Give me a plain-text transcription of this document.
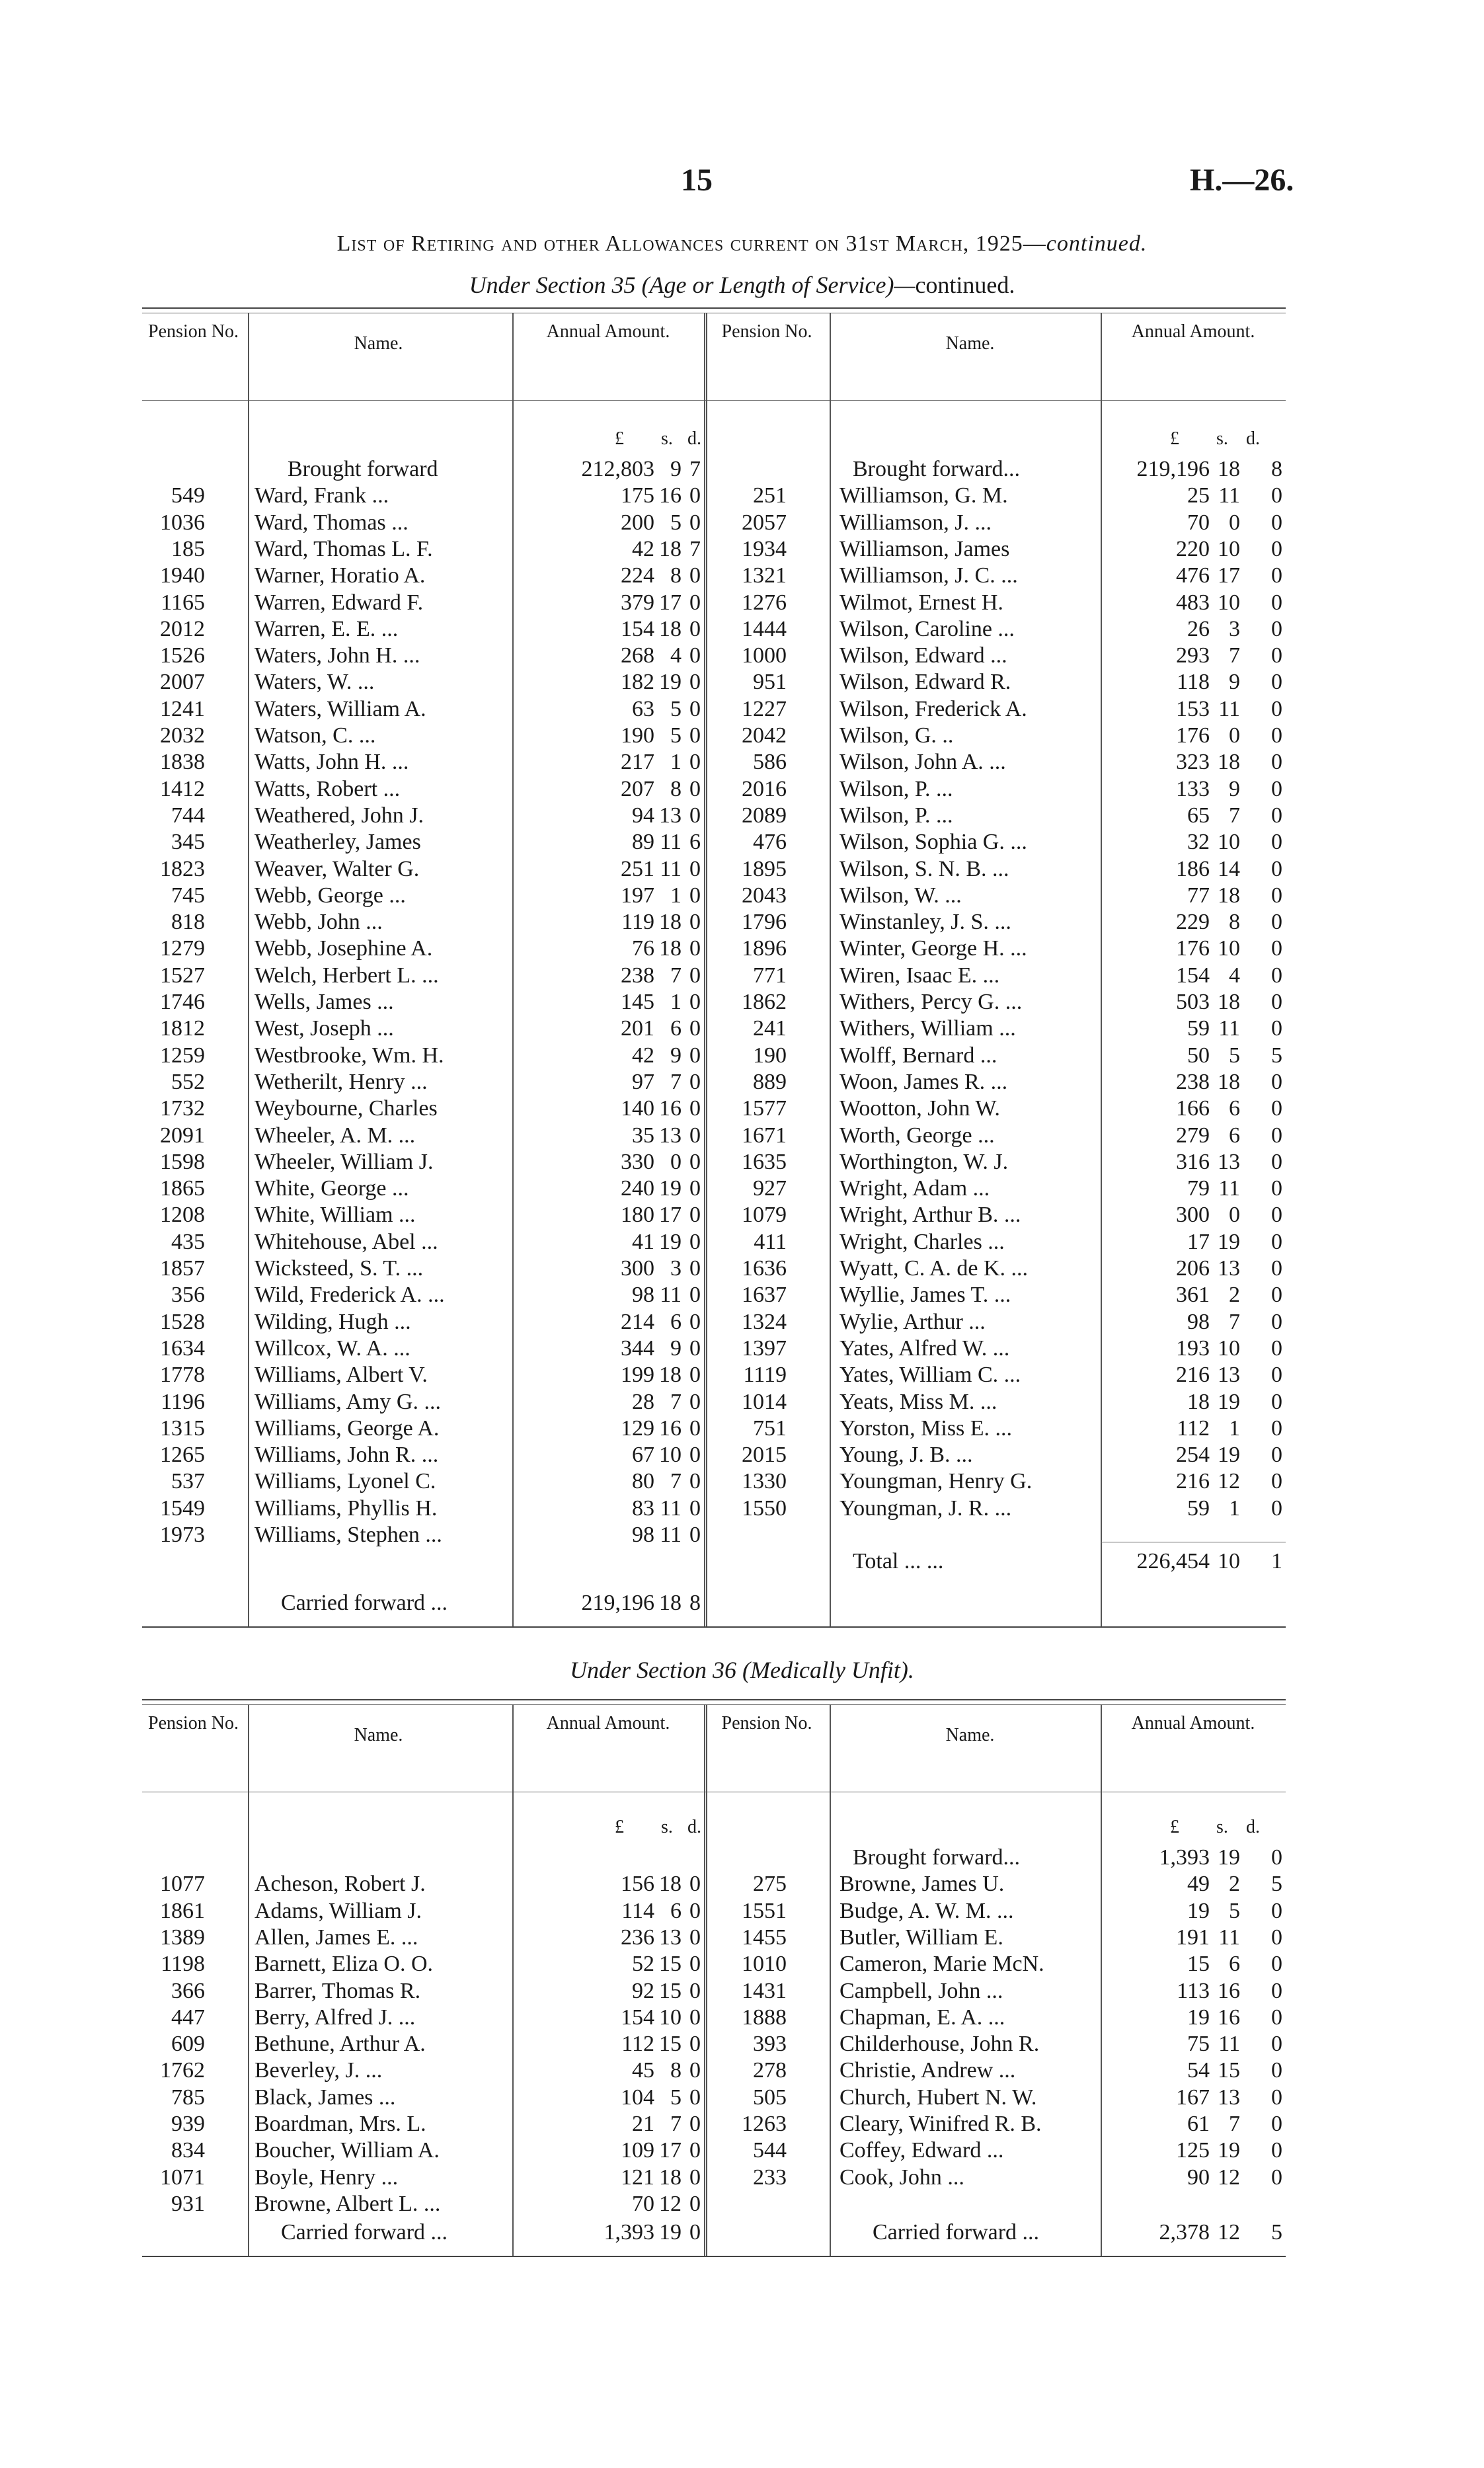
15	H.—26.
List of Retiring and other Allowances current on 31st March, 1925—continued.
Under Section 35 (Age or Length of Service)—continued.
Pension No.
Name.
Annual Amount.
£ s. d.
Pension No.
Name.
Annual Amount.
£ s. d.
Brought forward	212,803 9 7
549 Ward, Frank ...	175 16 0
1036 Ward, Thomas ...	200 5 0
185 Ward, Thomas L. F.	42 18 7
1940 Warner, Horatio A.	224 8 0
1165 Warren, Edward F.	379 17 0
2012 Warren, E. E. ...	154 18 0
1526 Waters, John H. ...	268 4 0
2007 Waters, W. ...	182 19 0
1241 Waters, William A.	63 5 0
2032 Watson, C. ...	190 5 0
1838 Watts, John H. ...	217 1 0
1412 Watts, Robert ...	207 8 0
744 Weathered, John J.	94 13 0
345 Weatherley, James	89 11 6
1823 Weaver, Walter G.	251 11 0
745 Webb, George ...	197 1 0
818 Webb, John ...	119 18 0
1279 Webb, Josephine A.	76 18 0
1527 Welch, Herbert L. ...	238 7 0
1746 Wells, James ...	145 1 0
1812 West, Joseph ...	201 6 0
1259 Westbrooke, Wm. H.	42 9 0
552 Wetherilt, Henry ...	97 7 0
1732 Weybourne, Charles	140 16 0
2091 Wheeler, A. M. ...	35 13 0
1598 Wheeler, William J.	330 0 0
1865 White, George ...	240 19 0
1208 White, William ...	180 17 0
435 Whitehouse, Abel ...	41 19 0
1857 Wicksteed, S. T. ...	300 3 0
356 Wild, Frederick A. ...	98 11 0
1528 Wilding, Hugh ...	214 6 0
1634 Willcox, W. A. ...	344 9 0
1778 Williams, Albert V.	199 18 0
1196 Williams, Amy G. ...	28 7 0
1315 Williams, George A.	129 16 0
1265 Williams, John R. ...	67 10 0
537 Williams, Lyonel C.	80 7 0
1549 Williams, Phyllis H.	83 11 0
1973 Williams, Stephen ...	98 11 0
Carried forward ...	219,196 18 8
Brought forward...	219,196 18	8
251 Williamson, G. M.	25 11	0
2057 Williamson, J. ...	70 0	0
1934 Williamson, James	220 10	0
1321 Williamson, J. C. ...	476 17	0
1276 Wilmot, Ernest H.	483 10	0
1444 Wilson, Caroline ...	26 3	0
1000 Wilson, Edward ...	293 7	0
951 Wilson, Edward R.	118 9	0
1227 Wilson, Frederick A.	153 11	0
2042 Wilson, G. ..	176 0	0
586 Wilson, John A. ...	323 18	0
2016 Wilson, P. ...	133 9	0
2089 Wilson, P. ...	65 7	0
476 Wilson, Sophia G. ...	32 10	0
1895 Wilson, S. N. B. ...	186 14	0
2043 Wilson, W. ...	77 18	0
1796 Winstanley, J. S. ...	229 8	0
1896 Winter, George H. ...	176 10	0
771 Wiren, Isaac E. ...	154 4	0
1862 Withers, Percy G. ...	503 18	0
241 Withers, William ...	59 11	0
190 Wolff, Bernard ...	50 5	5
889 Woon, James R. ...	238 18	0
1577 Wootton, John W.	166 6	0
1671 Worth, George ...	279 6	0
1635 Worthington, W. J.	316 13	0
927 Wright, Adam ...	79 11	0
1079 Wright, Arthur B. ...	300 0	0
411 Wright, Charles ...	17 19	0
1636 Wyatt, C. A. de K. ...	206 13	0
1637 Wyllie, James T. ...	361 2	0
1324 Wylie, Arthur ...	98 7	0
1397 Yates, Alfred W. ...	193 10	0
1119 Yates, William C. ...	216 13	0
1014 Yeats, Miss M. ...	18 19	0
751 Yorston, Miss E. ...	112 1	0
2015 Young, J. B. ...	254 19	0
1330 Youngman, Henry G.	216 12	0
1550 Youngman, J. R. ...	59 1	0
Total ... ...	226,454 10	1
Under Section 36 (Medically Unfit).
Pension No.
Name.
Annual Amount.
£ s. d.
Pension No.
Name.
Annual Amount.
£ s. d.
1077 Acheson, Robert J.	156 18 0
1861 Adams, William J.	114 6 0
1389 Allen, James E. ...	236 13 0
1198 Barnett, Eliza O. O.	52 15 0
366 Barrer, Thomas R.	92 15 0
447 Berry, Alfred J. ...	154 10 0
609 Bethune, Arthur A.	112 15 0
1762 Beverley, J. ...	45 8 0
785 Black, James ...	104 5 0
939 Boardman, Mrs. L.	21 7 0
834 Boucher, William A.	109 17 0
1071 Boyle, Henry ...	121 18 0
931 Browne, Albert L. ...	70 12 0
Carried forward ...	1,393 19 0
Brought forward...	1,393 19	0
275 Browne, James U.	49 2	5
1551 Budge, A. W. M. ...	19 5	0
1455 Butler, William E.	191 11	0
1010 Cameron, Marie McN.	15 6	0
1431 Campbell, John ...	113 16	0
1888 Chapman, E. A. ...	19 16	0
393 Childerhouse, John R.	75 11	0
278 Christie, Andrew ...	54 15	0
505 Church, Hubert N. W.	167 13	0
1263 Cleary, Winifred R. B.	61 7	0
544 Coffey, Edward ...	125 19	0
233 Cook, John ...	90 12	0
Carried forward ...	2,378 12	5
